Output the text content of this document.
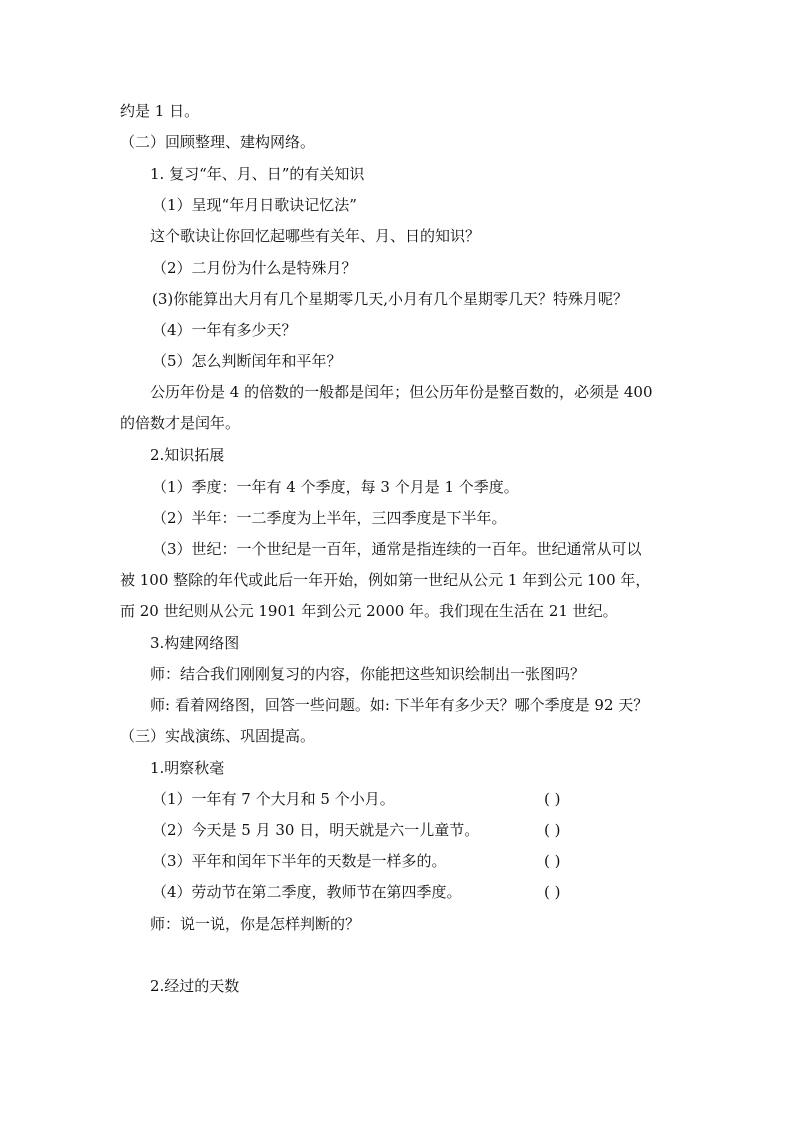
约是 1 日。
（二）回顾整理、建构网络。
1. 复习“年、月、日”的有关知识
（1）呈现“年月日歌诀记忆法”
这个歌诀让你回忆起哪些有关年、月、日的知识？
（2）二月份为什么是特殊月？
(3)你能算出大月有几个星期零几天,小月有几个星期零几天？特殊月呢？
（4）一年有多少天？
（5）怎么判断闰年和平年？
公历年份是 4 的倍数的一般都是闰年；但公历年份是整百数的，必须是 400
的倍数才是闰年。
2.知识拓展
（1）季度：一年有 4 个季度，每 3 个月是 1 个季度。
（2）半年：一二季度为上半年，三四季度是下半年。
（3）世纪：一个世纪是一百年，通常是指连续的一百年。世纪通常从可以
被 100 整除的年代或此后一年开始，例如第一世纪从公元 1 年到公元 100 年，
而 20 世纪则从公元 1901 年到公元 2000 年。我们现在生活在 21 世纪。
3.构建网络图
师：结合我们刚刚复习的内容，你能把这些知识绘制出一张图吗？
师: 看着网络图，回答一些问题。如: 下半年有多少天？哪个季度是 92 天？
（三）实战演练、巩固提高。
1.明察秋毫
（1）一年有 7 个大月和 5 个小月。	( )
（2）今天是 5 月 30 日，明天就是六一儿童节。	( )
（3）平年和闰年下半年的天数是一样多的。	( )
（4）劳动节在第二季度，教师节在第四季度。	( )
师：说一说，你是怎样判断的？
2.经过的天数
